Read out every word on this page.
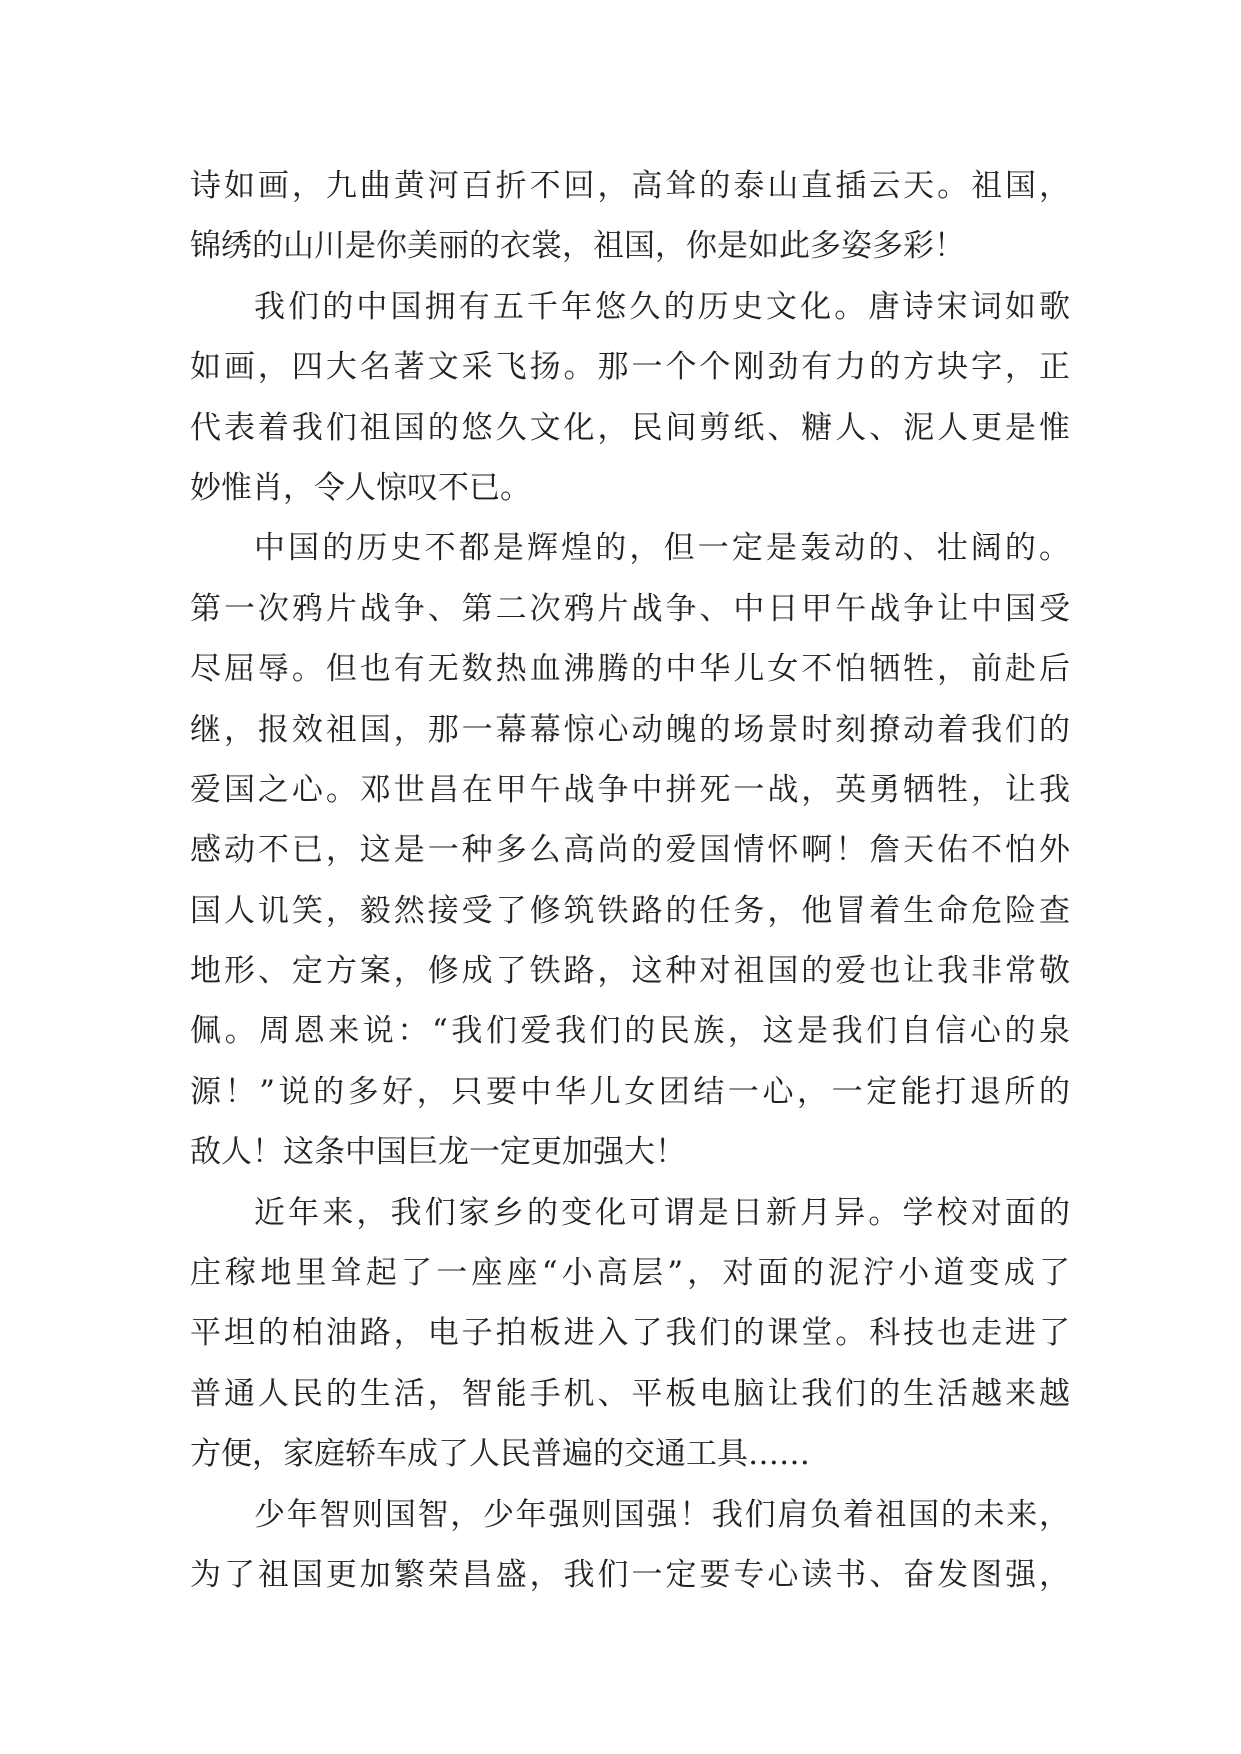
诗如画，九曲黄河百折不回，高耸的泰山直插云天。祖国，
锦绣的山川是你美丽的衣裳，祖国，你是如此多姿多彩！
我们的中国拥有五千年悠久的历史文化。唐诗宋词如歌
如画，四大名著文采飞扬。那一个个刚劲有力的方块字，正
代表着我们祖国的悠久文化，民间剪纸、糖人、泥人更是惟
妙惟肖，令人惊叹不已。
中国的历史不都是辉煌的，但一定是轰动的、壮阔的。
第一次鸦片战争、第二次鸦片战争、中日甲午战争让中国受
尽屈辱。但也有无数热血沸腾的中华儿女不怕牺牲，前赴后
继，报效祖国，那一幕幕惊心动魄的场景时刻撩动着我们的
爱国之心。邓世昌在甲午战争中拼死一战，英勇牺牲，让我
感动不已，这是一种多么高尚的爱国情怀啊！詹天佑不怕外
国人讥笑，毅然接受了修筑铁路的任务，他冒着生命危险查
地形、定方案，修成了铁路，这种对祖国的爱也让我非常敬
佩。周恩来说：“我们爱我们的民族，这是我们自信心的泉
源！”说的多好，只要中华儿女团结一心，一定能打退所的
敌人！这条中国巨龙一定更加强大！
近年来，我们家乡的变化可谓是日新月异。学校对面的
庄稼地里耸起了一座座“小高层”，对面的泥泞小道变成了
平坦的柏油路，电子拍板进入了我们的课堂。科技也走进了
普通人民的生活，智能手机、平板电脑让我们的生活越来越
方便，家庭轿车成了人民普遍的交通工具……
少年智则国智，少年强则国强！我们肩负着祖国的未来，
为了祖国更加繁荣昌盛，我们一定要专心读书、奋发图强，
